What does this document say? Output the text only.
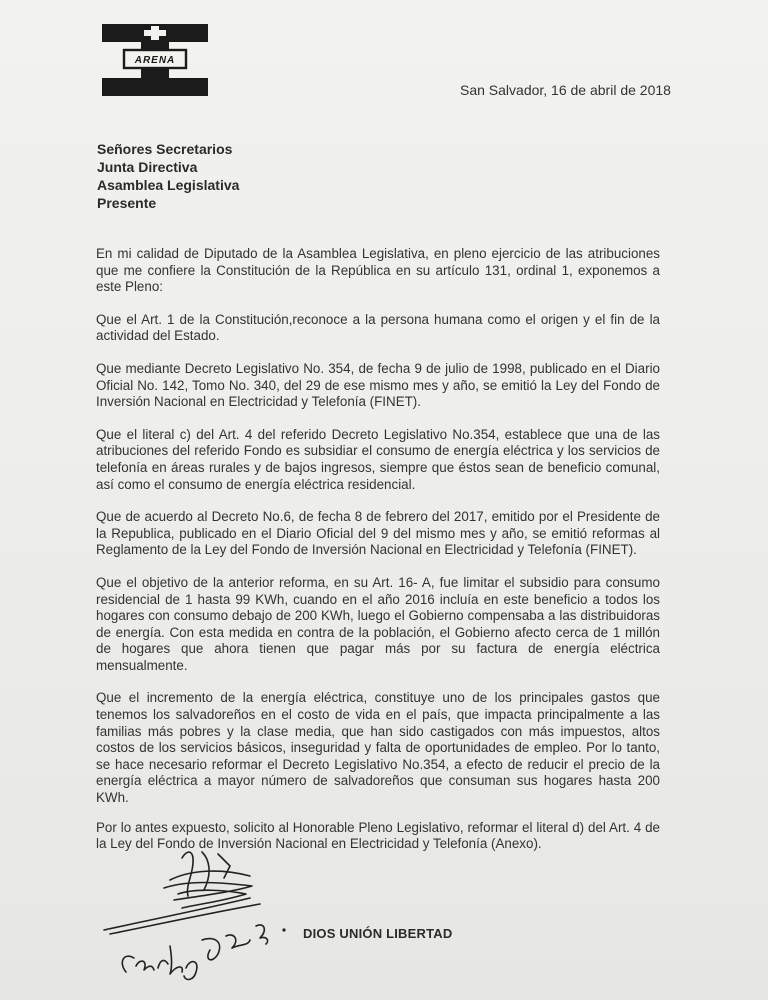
ARENA
San Salvador, 16 de abril de 2018
Señores Secretarios
Junta Directiva
Asamblea Legislativa
Presente

En mi calidad de Diputado de la Asamblea Legislativa, en pleno ejercicio de las atribuciones que me confiere la Constitución de la República en su artículo 131, ordinal 1, exponemos a este Pleno:

Que el Art. 1 de la Constitución,reconoce a la persona humana como el origen y el fin de la actividad del Estado.

Que mediante Decreto Legislativo No. 354, de fecha 9 de julio de 1998, publicado en el Diario Oficial No. 142, Tomo No. 340, del 29 de ese mismo mes y año, se emitió la Ley del Fondo de Inversión Nacional en Electricidad y Telefonía (FINET).

Que el literal c) del Art. 4 del referido Decreto Legislativo No.354, establece que una de las atribuciones del referido Fondo es subsidiar el consumo de energía eléctrica y los servicios de telefonía en áreas rurales y de bajos ingresos, siempre que éstos sean de beneficio comunal, así como el consumo de energía eléctrica residencial.

Que de acuerdo al Decreto No.6, de fecha 8 de febrero del 2017, emitido por el Presidente de la Republica, publicado en el Diario Oficial del 9 del mismo mes y año, se emitió reformas al Reglamento de la Ley del Fondo de Inversión Nacional en Electricidad y Telefonía (FINET).

Que el objetivo de la anterior reforma, en su Art. 16- A, fue limitar el subsidio para consumo residencial de 1 hasta 99 KWh, cuando en el año 2016 incluía en este beneficio a todos los hogares con consumo debajo de 200 KWh, luego el Gobierno compensaba a las distribuidoras de energía. Con esta medida en contra de la población, el Gobierno afecto cerca de 1 millón de hogares que ahora tienen que pagar más por su factura de energía eléctrica mensualmente.

Que el incremento de la energía eléctrica, constituye uno de los principales gastos que tenemos los salvadoreños en el costo de vida en el país, que impacta principalmente a las familias más pobres y la clase media, que han sido castigados con más impuestos, altos costos de los servicios básicos, inseguridad y falta de oportunidades de empleo. Por lo tanto, se hace necesario reformar el Decreto Legislativo No.354, a efecto de reducir el precio de la energía eléctrica a mayor número de salvadoreños que consuman sus hogares hasta 200 KWh.

Por lo antes expuesto, solicito al Honorable Pleno Legislativo, reformar el literal d) del Art. 4 de la Ley del Fondo de Inversión Nacional en Electricidad y Telefonía (Anexo).

DIOS UNIÓN LIBERTAD
